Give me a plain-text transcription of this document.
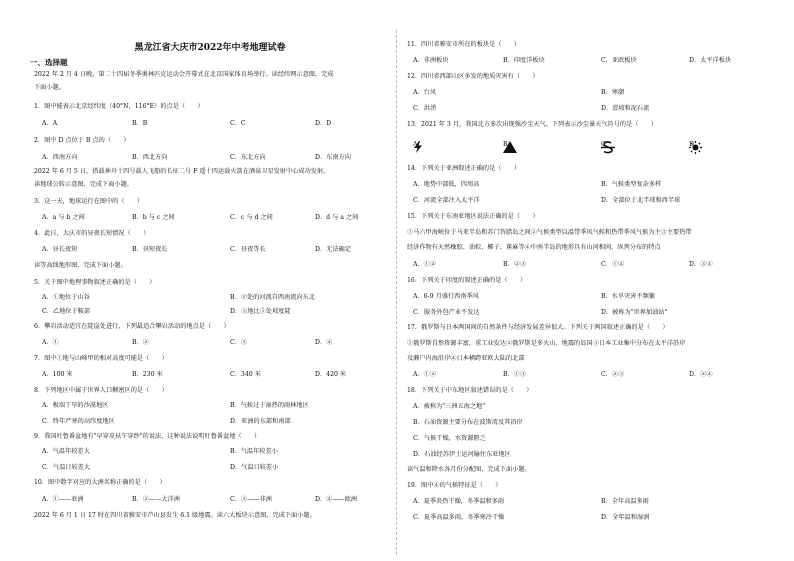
黑龙江省大庆市2022年中考地理试卷
一、选择题
2022 年 2 月 4 日晚，第二十四届冬季奥林匹克运动会开幕式在北京国家体育场举行。读经纬网示意图，完成
下面小题。
1．图中能表示北京经纬度（40°N，116°E）的点是（　　）
A．A	B．B	C．C	D．D
2．图中 D 点位于 B 点的（　　）
A．西南方向	B．西北方向	C．东北方向	D．东南方向
2022 年 6 月 5 日，搭载神舟十四号载人飞船的长征二号 F 遥十四运载火箭在酒泉卫星发射中心成功发射。
读地球公转示意图，完成下面小题。
3．这一天，地球运行在图中的（　　）
A．a 与 b 之间	B．b 与 c 之间	C．c 与 d 之间	D．d 与 a 之间
4．此日，大庆市的昼夜长短情况（　　）
A．昼长夜短	B．昼短夜长	C．昼夜等长	D．无法确定
读等高线地形图，完成下面小题。
5．关于图中地理事物叙述正确的是（　　）
A．①地位于山谷	B．②处的河流自西南流向东北
C．乙地位于鞍部	D．③地比⑤处坡度陡
6．攀岩活动适宜在陡崖处进行，下列最适合攀岩活动的地点是（　　）
A．①	B．②	C．③	D．④
7．图中①地与山峰甲的相对高度可能是（　　）
A．100 米	B．230 米	C．340 米	D．420 米
8．下列地区中属于世界人口稠密区的是（　　）
A．极端干旱的沙漠地区	B．气候过于湿热的雨林地区
C．终年严寒的高纬度地区	D．亚洲的东部和南部
9．我国吐鲁番盆地有"早穿皮袄午穿纱"的说法，这种说法说明吐鲁番盆地（　　）
A．气温年较差大	B．气温年较差小
C．气温日较差大	D．气温日较差小
10．图中数字对应的大洲名称正确的是（　　）
A．①——亚洲	B．②——大洋洲	C．③——非洲	D．④——欧洲
2022 年 6 月 1 日 17 时在四川省雅安市芦山县发生 6.1 级地震。读六大板块示意图，完成下面小题。
11．四川省雅安市所在的板块是（　　）
A．非洲板块	B．印度洋板块	C．亚欧板块	D．太平洋板块
12．四川省西部山区多发的地质灾害有（　　）
A．台风	B．寒潮
C．洪涝	D．滑坡和泥石流
13．2021 年 3 月，我国北方多次出现强沙尘天气。下列表示沙尘暴天气符号的是（　　）
A．	B．	C．	D．
14．下列关于亚洲叙述正确的是（　　）
A．地势中部低，四周高	B．气候类型复杂多样
C．河流全部注入太平洋	D．全部位于北半球和西半球
15．下列关于东南亚地区说法正确的是（　　）
①马六甲海峡位于马来半岛和苏门答腊岛之间②气候类型以温带季风气候和热带季风气候为主③主要热带
经济作物有天然橡胶、油棕、椰子、蕉麻等④中南半岛的地形具有山河相间、纵列分布的特点
A．①②	B．②③	C．①④	D．③④
16．下列关于印度的叙述正确的是（　　）
A．6-9 月盛行西南季风	B．水旱灾害不频繁
C．服务外包产业不发达	D．被称为"世界加油站"
17．俄罗斯与日本两国间的自然条件与经济发展差异很大。下列关于两国叙述正确的是（　　）
①俄罗斯自然资源丰富，重工业发达②俄罗斯是多火山、地震的岛国③日本工业集中分布在太平洋沿岸
及濑户内海沿岸④日本横跨亚欧大陆的北部
A．①②	B．①③	C．②③	D．②④
18．下列关于中东地区叙述错误的是（　　）
A．被称为"三洲五海之地"
B．石油资源主要分布在波斯湾及其沿岸
C．气候干燥，水资源匮乏
D．石油经苏伊士运河输往东亚地区
读气温和降水各月份分配图，完成下面小题。
19．图中④的气候特征是（　　）
A．夏季炎热干燥，冬季温和多雨	B．全年高温多雨
C．夏季高温多雨，冬季寒冷干燥	D．全年温和湿润
